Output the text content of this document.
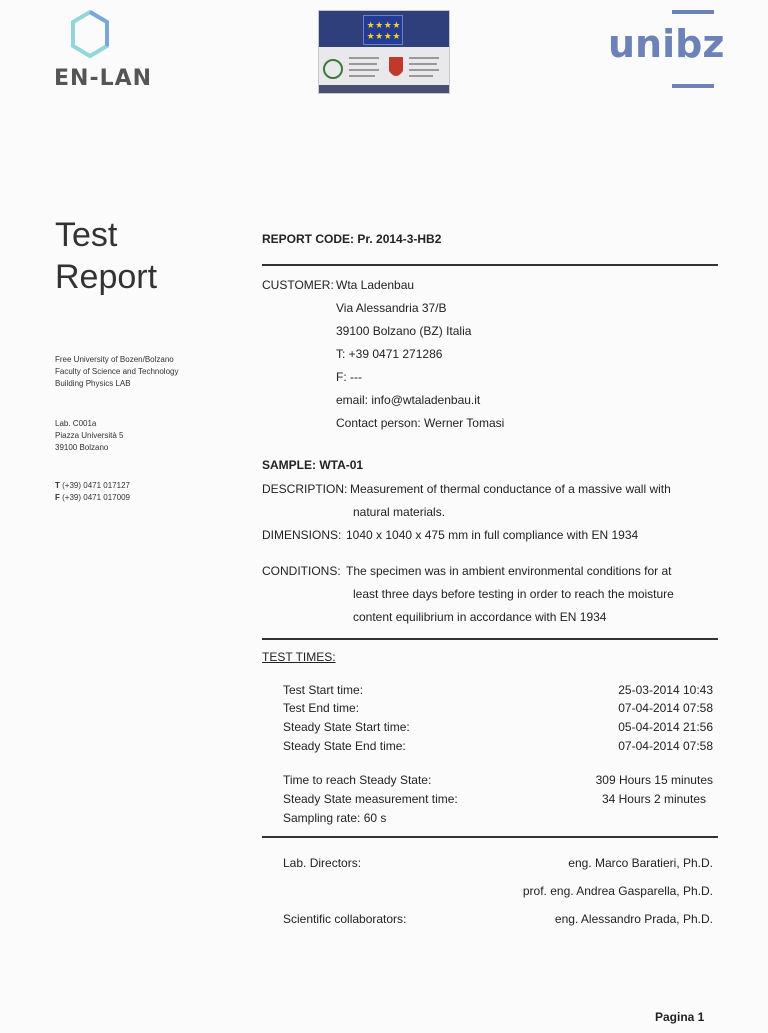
EN-LAN
★ ★ ★ ★
★ ★ ★ ★	unibz
Test
Report
Free University of Bozen/Bolzano
Faculty of Science and Technology
Building Physics LAB
Lab. C001a
Piazza Università 5
39100 Bolzano
T (+39) 0471 017127
F (+39) 0471 017009
REPORT CODE: Pr. 2014-3-HB2
CUSTOMER: Wta Ladenbau
Via Alessandria 37/B
39100 Bolzano (BZ) Italia
T: +39 0471 271286
F: ---
email: info@wtaladenbau.it
Contact person: Werner Tomasi
SAMPLE: WTA-01
DESCRIPTION: Measurement of thermal conductance of a massive wall with
natural materials.
DIMENSIONS: 1040 x 1040 x 475 mm in full compliance with EN 1934
CONDITIONS: The specimen was in ambient environmental conditions for at
least three days before testing in order to reach the moisture
content equilibrium in accordance with EN 1934
TEST TIMES:
Test Start time:	25-03-2014 10:43
Test End time:	07-04-2014 07:58
Steady State Start time:	05-04-2014 21:56
Steady State End time:	07-04-2014 07:58
Time to reach Steady State:	309 Hours 15 minutes
Steady State measurement time:	34 Hours 2 minutes
Sampling rate: 60 s
Lab. Directors:	eng. Marco Baratieri, Ph.D.
prof. eng. Andrea Gasparella, Ph.D.
Scientific collaborators:	eng. Alessandro Prada, Ph.D.
Pagina 1
